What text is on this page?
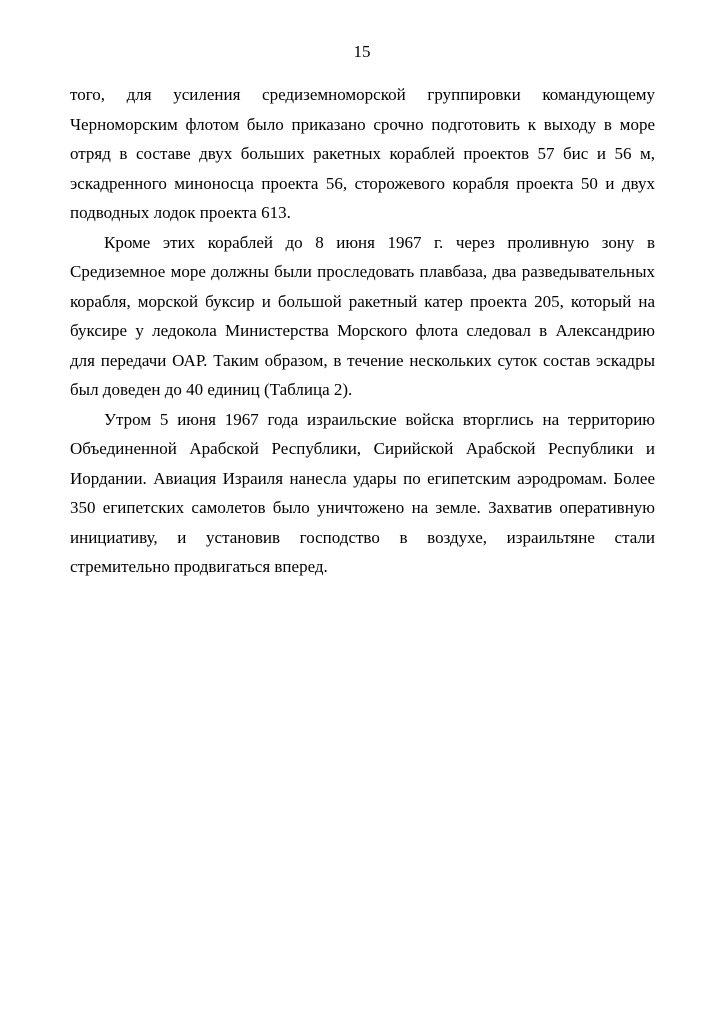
15
того, для усиления средиземноморской группировки командующему
Черноморским флотом было приказано срочно подготовить к выходу в море
отряд в составе двух больших ракетных кораблей проектов 57 бис и 56 м,
эскадренного миноносца проекта 56, сторожевого корабля проекта 50 и двух
подводных лодок проекта 613.
Кроме этих кораблей до 8 июня 1967 г. через проливную зону в
Средиземное море должны были проследовать плавбаза, два разведывательных
корабля, морской буксир и большой ракетный катер проекта 205, который на
буксире у ледокола Министерства Морского флота следовал в Александрию
для передачи ОАР. Таким образом, в течение нескольких суток состав эскадры
был доведен до 40 единиц (Таблица 2).
Утром 5 июня 1967 года израильские войска вторглись на территорию
Объединенной Арабской Республики, Сирийской Арабской Республики и
Иордании. Авиация Израиля нанесла удары по египетским аэродромам. Более
350 египетских самолетов было уничтожено на земле. Захватив оперативную
инициативу, и установив господство в воздухе, израильтяне стали
стремительно продвигаться вперед.
